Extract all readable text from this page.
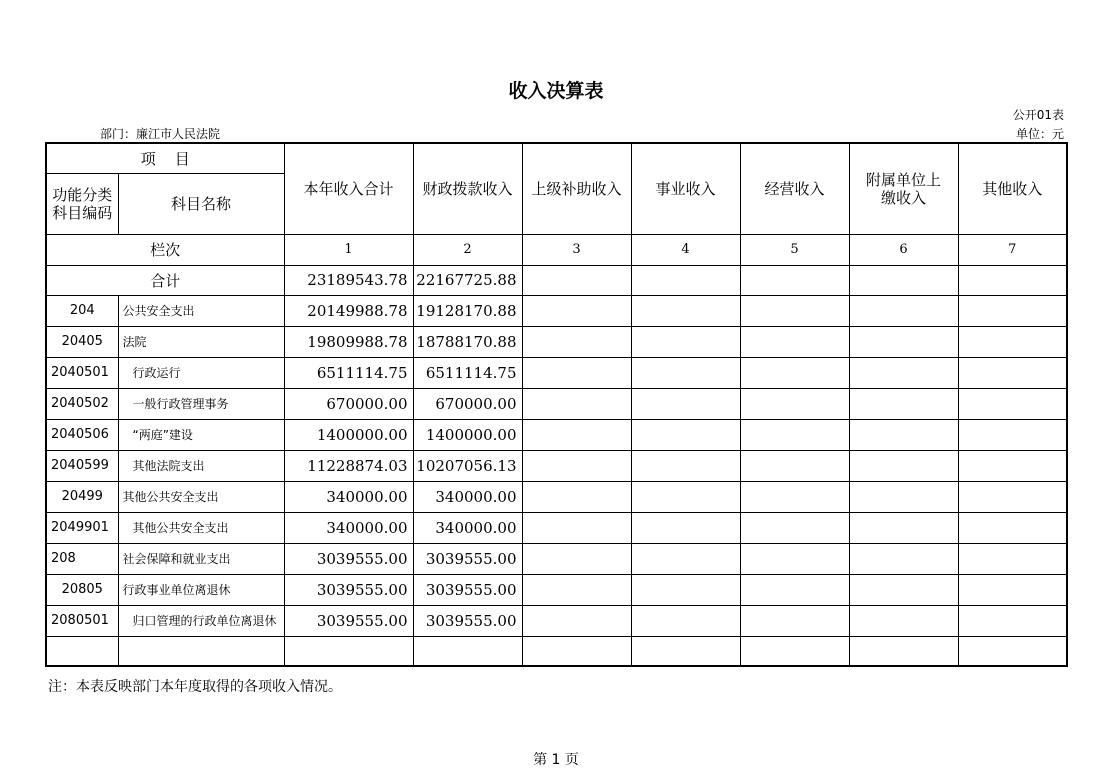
收入决算表
公开01表
部门：廉江市人民法院	单位：元
项    目		本年收入合计	财政拨款收入	上级补助收入	事业收入	经营收入	附属单位上缴收入	其他收入
功能分类科目编码	科目名称							
栏次		1	2	3	4	5	6	7
合计		23189543.78	22167725.88					
204	公共安全支出	20149988.78	19128170.88					
20405	法院	19809988.78	18788170.88					
2040501	行政运行	6511114.75	6511114.75					
2040502	一般行政管理事务	670000.00	670000.00					
2040506	“两庭”建设	1400000.00	1400000.00					
2040599	其他法院支出	11228874.03	10207056.13					
20499	其他公共安全支出	340000.00	340000.00					
2049901	其他公共安全支出	340000.00	340000.00					
208	社会保障和就业支出	3039555.00	3039555.00					
20805	行政事业单位离退休	3039555.00	3039555.00					
2080501	归口管理的行政单位离退休	3039555.00	3039555.00					

注：本表反映部门本年度取得的各项收入情况。
第 1 页
